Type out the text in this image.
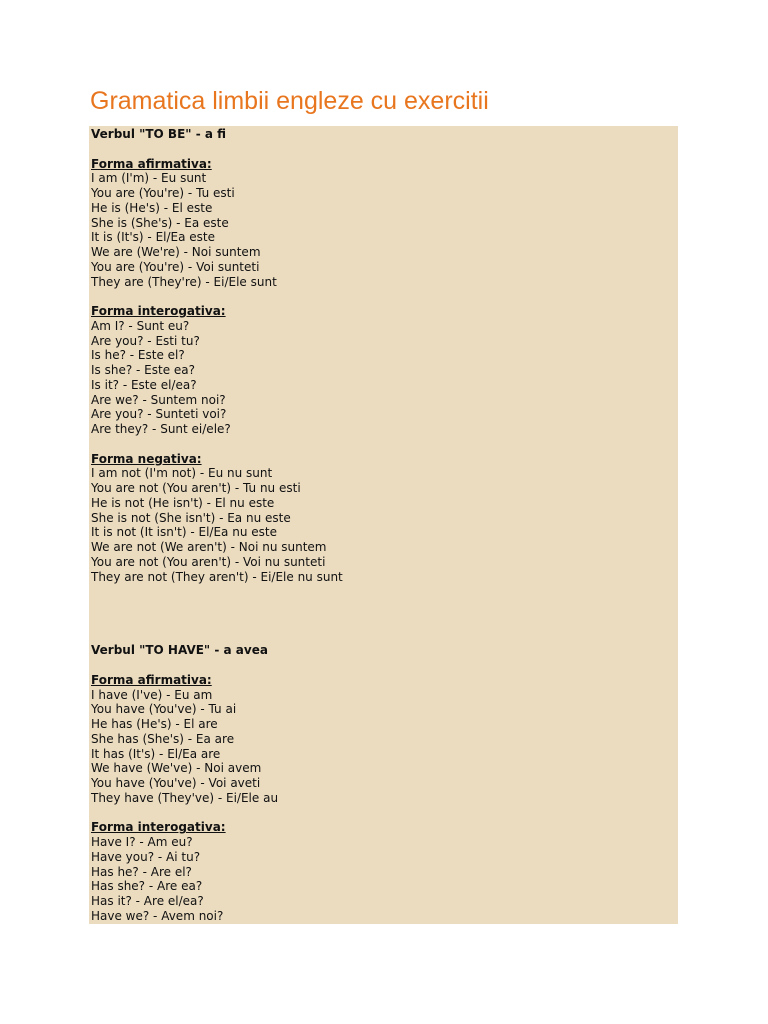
Gramatica limbii engleze cu exercitii
Verbul "TO BE" - a fi
Forma afirmativa:
I am (I'm) - Eu sunt
You are (You're) - Tu esti
He is (He's) - El este
She is (She's) - Ea este
It is (It's) - El/Ea este
We are (We're) - Noi suntem
You are (You're) - Voi sunteti
They are (They're) - Ei/Ele sunt
Forma interogativa:
Am I? - Sunt eu?
Are you? - Esti tu?
Is he? - Este el?
Is she? - Este ea?
Is it? - Este el/ea?
Are we? - Suntem noi?
Are you? - Sunteti voi?
Are they? - Sunt ei/ele?
Forma negativa:
I am not (I'm not) - Eu nu sunt
You are not (You aren't) - Tu nu esti
He is not (He isn't) - El nu este
She is not (She isn't) - Ea nu este
It is not (It isn't) - El/Ea nu este
We are not (We aren't) - Noi nu suntem
You are not (You aren't) - Voi nu sunteti
They are not (They aren't) - Ei/Ele nu sunt
Verbul "TO HAVE" - a avea
Forma afirmativa:
I have (I've) - Eu am
You have (You've) - Tu ai
He has (He's) - El are
She has (She's) - Ea are
It has (It's) - El/Ea are
We have (We've) - Noi avem
You have (You've) - Voi aveti
They have (They've) - Ei/Ele au
Forma interogativa:
Have I? - Am eu?
Have you? - Ai tu?
Has he? - Are el?
Has she? - Are ea?
Has it? - Are el/ea?
Have we? - Avem noi?
